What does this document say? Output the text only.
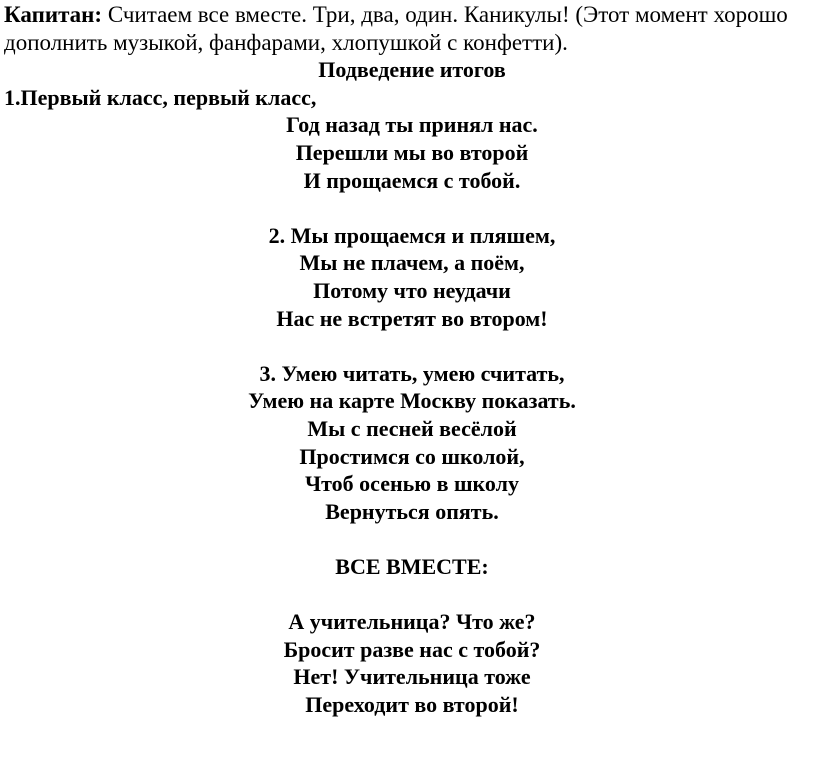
Капитан: Считаем все вместе. Три, два, один. Каникулы! (Этот момент хорошо дополнить музыкой, фанфарами, хлопушкой с конфетти).

Подведение итогов

1.Первый класс, первый класс,

Год назад ты принял нас.
Перешли мы во второй
И прощаемся с тобой.
2. Мы прощаемся и пляшем,
Мы не плачем, а поём,
Потому что неудачи
Нас не встретят во втором!
3. Умею читать, умею считать,
Умею на карте Москву показать.
Мы с песней весёлой
Простимся со школой,
Чтоб осенью в школу
Вернуться опять.

ВСЕ ВМЕСТЕ:

А учительница? Что же?
Бросит разве нас с тобой?
Нет! Учительница тоже
Переходит во второй!
